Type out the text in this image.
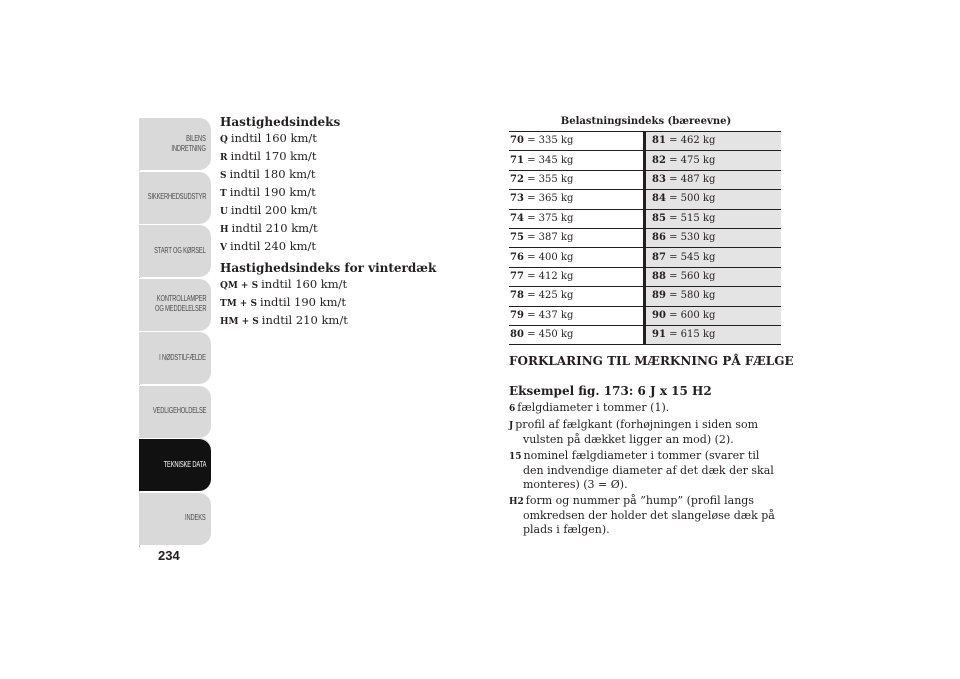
BILENS
INDRETNING
SIKKERHEDSUDSTYR
START OG KØRSEL
KONTROLLAMPER
OG MEDDELELSER
I NØDSTILFÆLDE
VEDLIGEHOLDELSE
TEKNISKE DATA
INDEKS
234

Hastighedsindeks

Q indtil 160 km/t

R indtil 170 km/t

S indtil 180 km/t

T indtil 190 km/t

U indtil 200 km/t

H indtil 210 km/t

V indtil 240 km/t

Hastighedsindeks for vinterdæk

QM + S indtil 160 km/t

TM + S indtil 190 km/t

HM + S indtil 210 km/t

Belastningsindeks (bæreevne)

70 = 335 kg	81 = 462 kg
71 = 345 kg	82 = 475 kg
72 = 355 kg	83 = 487 kg
73 = 365 kg	84 = 500 kg
74 = 375 kg	85 = 515 kg
75 = 387 kg	86 = 530 kg
76 = 400 kg	87 = 545 kg
77 = 412 kg	88 = 560 kg
78 = 425 kg	89 = 580 kg
79 = 437 kg	90 = 600 kg
80 = 450 kg	91 = 615 kg

FORKLARING TIL MÆRKNING PÅ FÆLGE

Eksempel fig. 173: 6 J x 15 H2

6 fælgdiameter i tommer (1).

J profil af fælgkant (forhøjningen i siden som vulsten på dækket ligger an mod) (2).

15 nominel fælgdiameter i tommer (svarer til den indvendige diameter af det dæk der skal monteres) (3 = Ø).

H2 form og nummer på ”hump” (profil langs omkredsen der holder det slangeløse dæk på plads i fælgen).
